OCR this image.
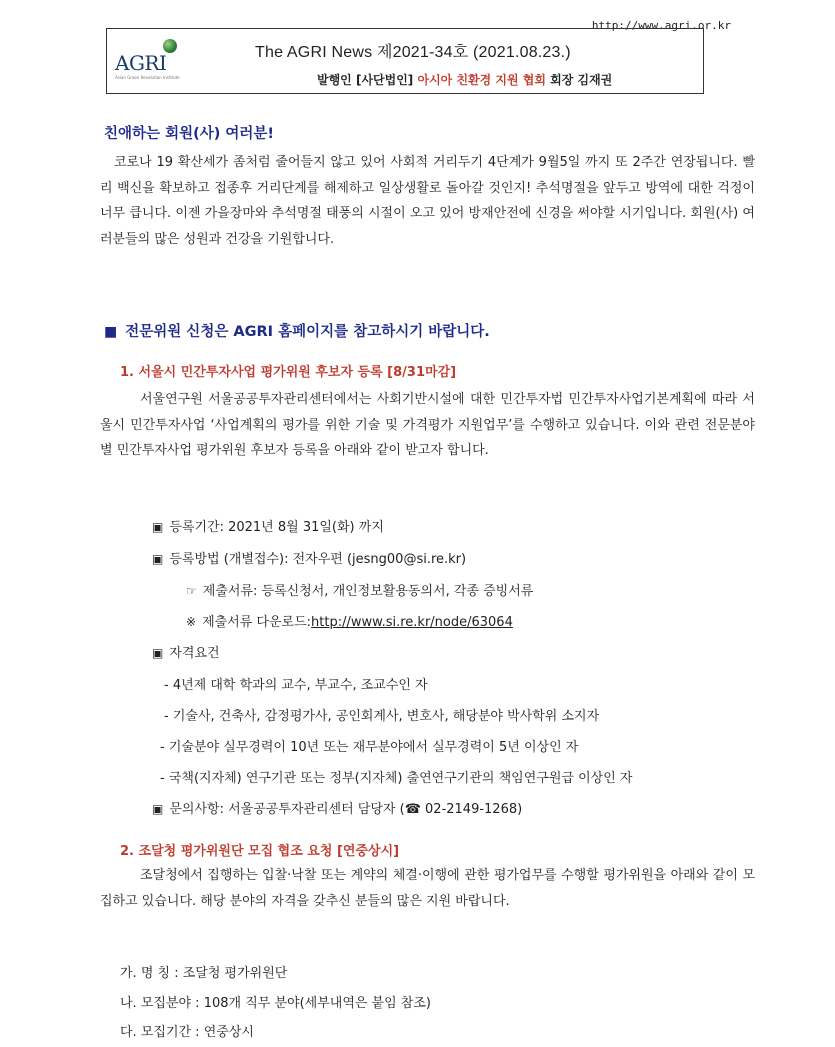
http://www.agri.or.kr
AGRI
Asian Green Revolution Institute
The AGRI News 제2021-34호 (2021.08.23.)
발행인 [사단법인] 아시아 친환경 지원 협회 회장 김재권
친애하는 회원(사) 여러분!

코로나 19 확산세가 좀처럼 줄어들지 않고 있어 사회적 거리두기 4단계가 9월5일 까지 또 2주간 연장됩니다. 빨리 백신을 확보하고 접종후 거리단계를 해제하고 일상생활로 돌아갈 것인지! 추석명절을 앞두고 방역에 대한 걱정이 너무 큽니다. 이젠 가을장마와 추석명절 태풍의 시절이 오고 있어 방재안전에 신경을 써야할 시기입니다. 회원(사) 여러분들의 많은 성원과 건강을 기원합니다.

■ 전문위원 신청은 AGRI 홈페이지를 참고하시기 바랍니다.
1. 서울시 민간투자사업 평가위원 후보자 등록 [8/31마감]

서울연구원 서울공공투자관리센터에서는 사회기반시설에 대한 민간투자법 민간투자사업기본계획에 따라 서울시 민간투자사업 ‘사업계획의 평가를 위한 기술 및 가격평가 지원업무’를 수행하고 있습니다. 이와 관련 전문분야별 민간투자사업 평가위원 후보자 등록을 아래와 같이 받고자 합니다.

▣ 등록기간: 2021년 8월 31일(화) 까지
▣ 등록방법 (개별접수): 전자우편 (jesng00@si.re.kr)
☞ 제출서류: 등록신청서, 개인정보활용동의서, 각종 증빙서류
※ 제출서류 다운로드:http://www.si.re.kr/node/63064
▣ 자격요건
- 4년제 대학 학과의 교수, 부교수, 조교수인 자
- 기술사, 건축사, 감정평가사, 공인회계사, 변호사, 해당분야 박사학위 소지자
- 기술분야 실무경력이 10년 또는 재무분야에서 실무경력이 5년 이상인 자
- 국책(지자체) 연구기관 또는 정부(지자체) 출연연구기관의 책임연구원급 이상인 자
▣ 문의사항: 서울공공투자관리센터 담당자 (☎ 02-2149-1268)
2. 조달청 평가위원단 모집 협조 요청 [연중상시]

조달청에서 집행하는 입찰·낙찰 또는 계약의 체결·이행에 관한 평가업무를 수행할 평가위원을 아래와 같이 모집하고 있습니다. 해당 분야의 자격을 갖추신 분들의 많은 지원 바랍니다.

가. 명 칭 : 조달청 평가위원단
나. 모집분야 : 108개 직무 분야(세부내역은 붙임 참조)
다. 모집기간 : 연중상시
